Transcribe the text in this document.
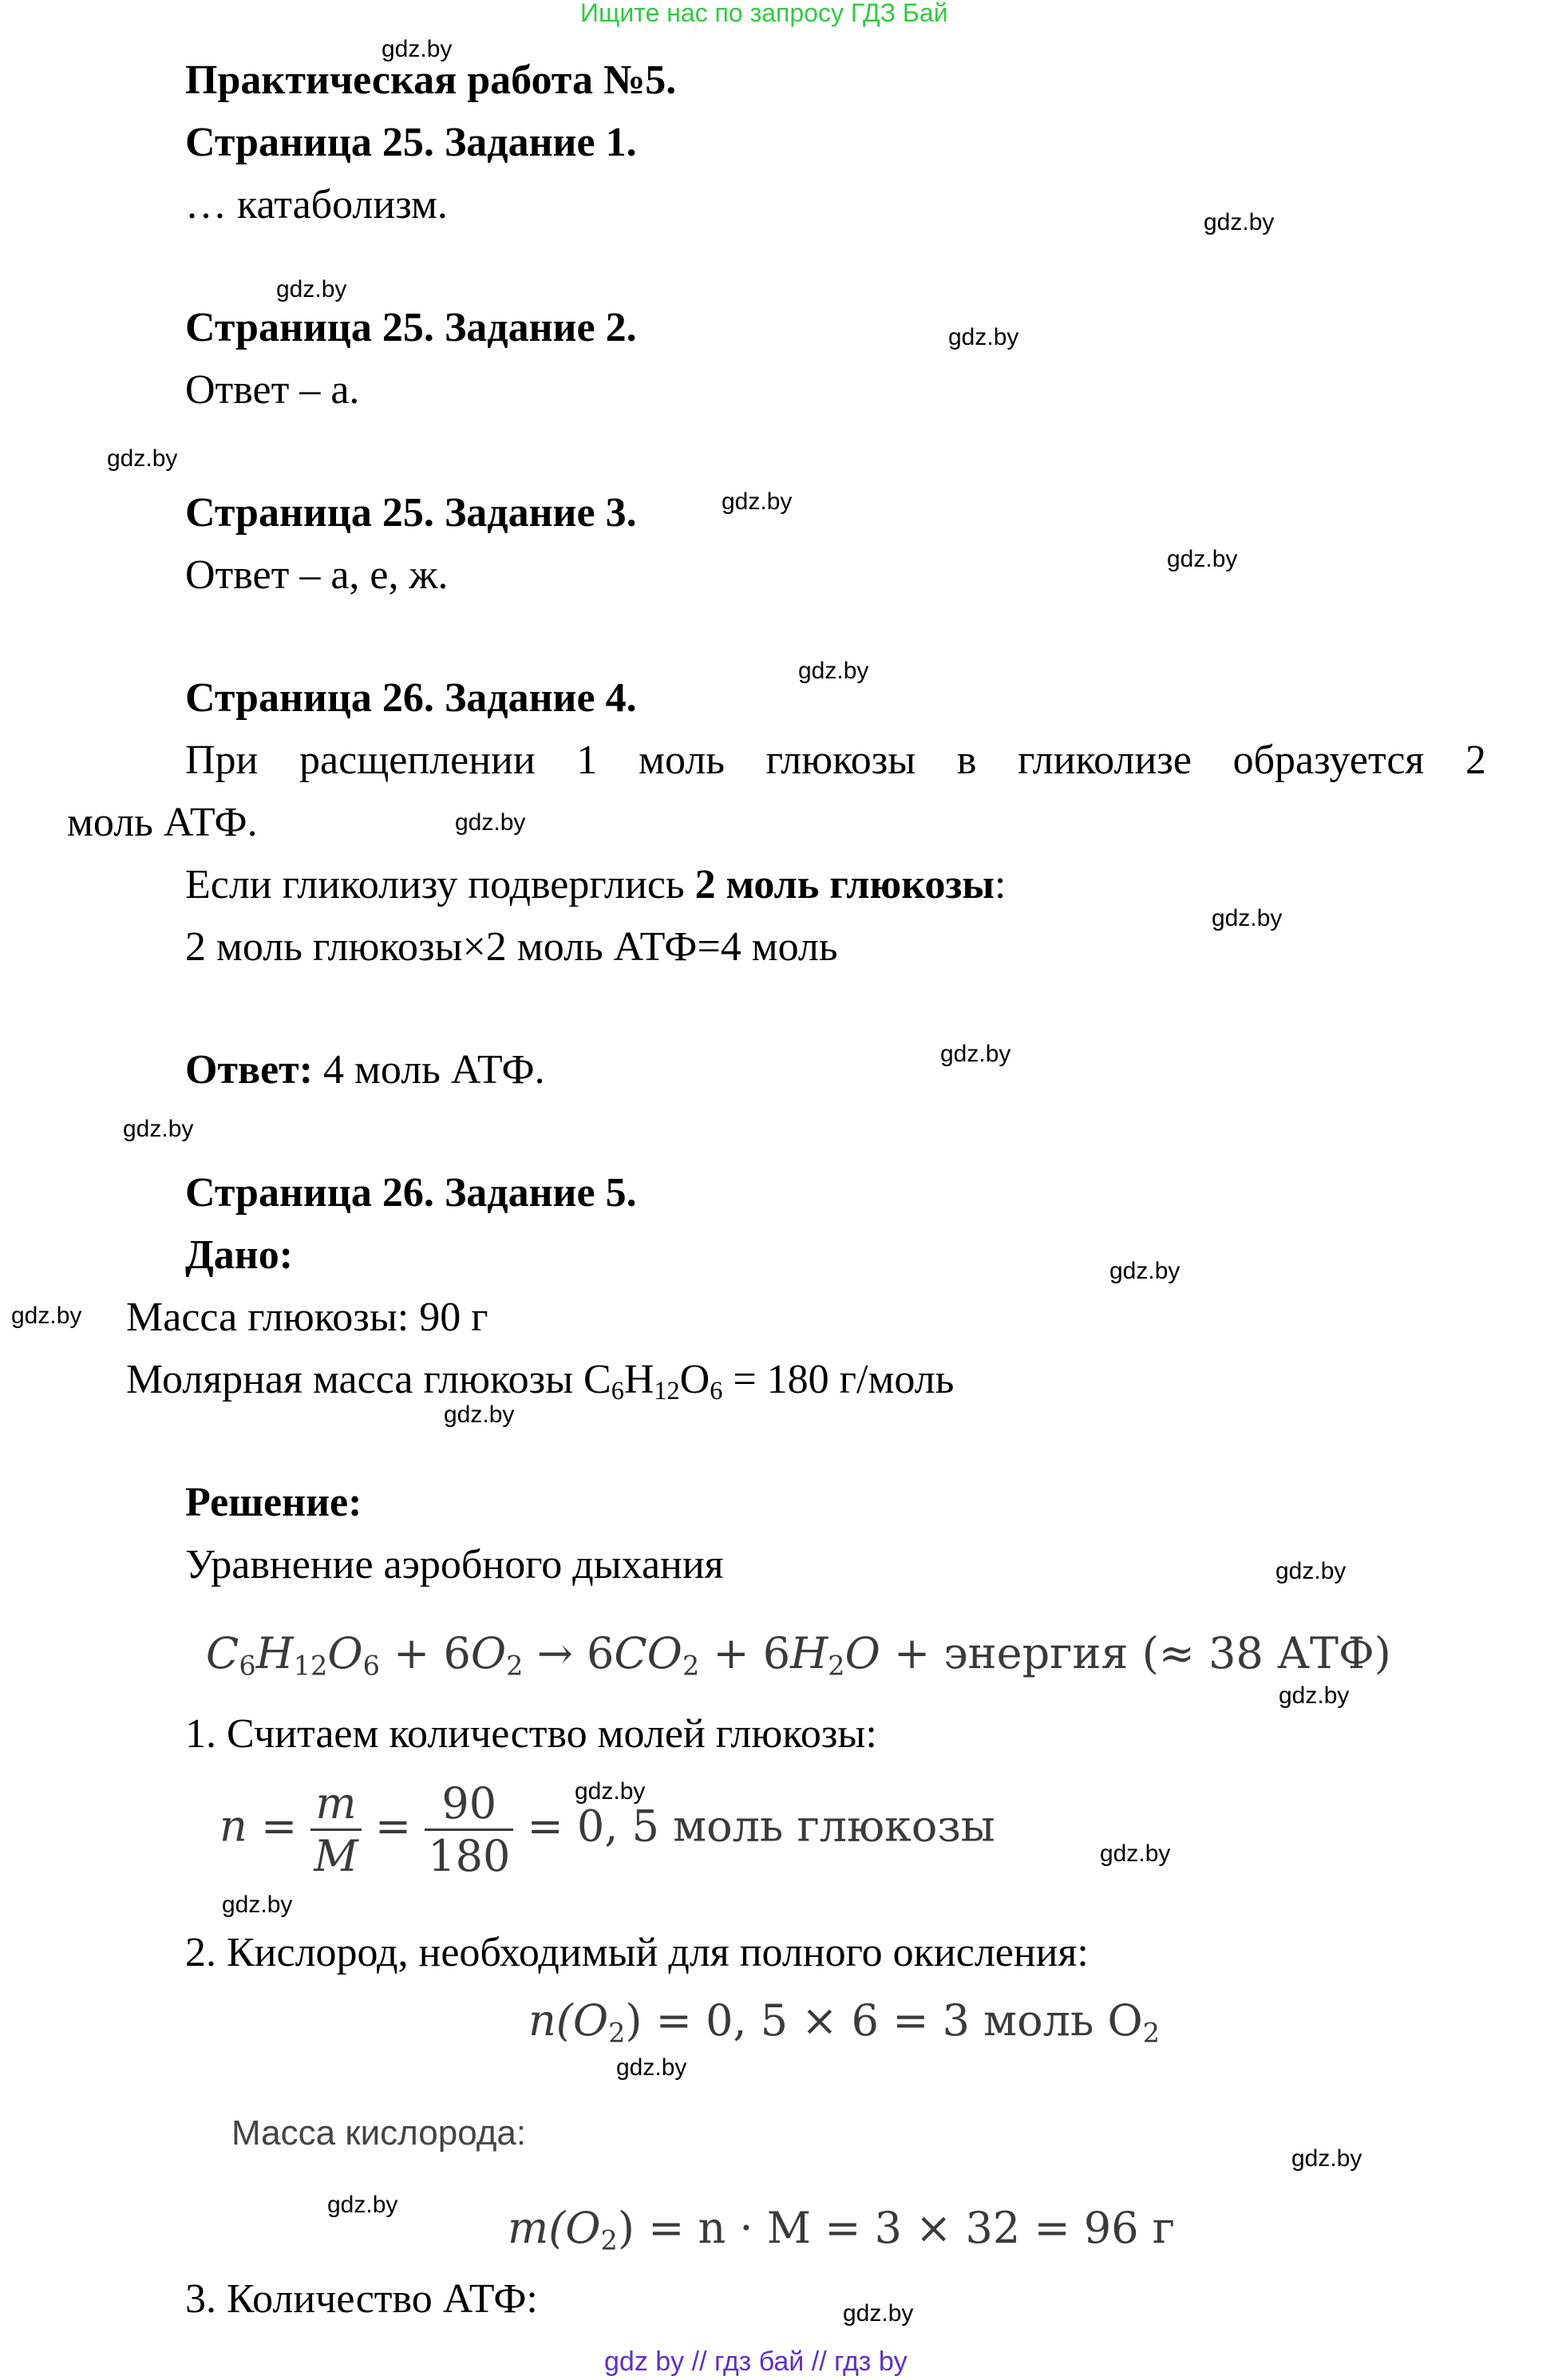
Ищите нас по запросу ГДЗ Бай
Практическая работа №5.
Страница 25. Задание 1.
… катаболизм.
Страница 25. Задание 2.
Ответ – а.
Страница 25. Задание 3.
Ответ – а, е, ж.
Страница 26. Задание 4.
При расщеплении 1 моль глюкозы в гликолизе образуется 2
моль АТФ.
Если гликолизу подверглись 2 моль глюкозы:
2 моль глюкозы×2 моль АТФ=4 моль
Ответ: 4 моль АТФ.
Страница 26. Задание 5.
Дано:
Масса глюкозы: 90 г
Молярная масса глюкозы $C_6H_{12}O_6 = 180$ г/моль
Решение:
Уравнение аэробного дыхания
$C_6H_{12}O_6 + 6O_2 \to 6CO_2 + 6H_2O$ + энергия (≈ 38 АТФ)
1. Считаем количество молей глюкозы:
$n = \frac{m}{M} = \frac{90}{180} = 0$, 5 моль глюкозы
2. Кислород, необходимый для полного окисления:
$n(O_2) = 0$, 5 × 6 = 3 моль $O_2$
Масса кислорода:
$m(O_2) = n \cdot M = 3 \times 32 = 96$ г
3. Количество АТФ:
gdz.by
gdz.by
gdz.by
gdz.by
gdz.by
gdz.by
gdz.by
gdz.by
gdz.by
gdz.by
gdz.by
gdz.by
gdz.by
gdz.by
gdz.by
gdz.by
gdz.by
gdz.by
gdz.by
gdz.by
gdz.by
gdz.by
gdz.by
gdz.by
gdz by // гдз бай // гдз by
